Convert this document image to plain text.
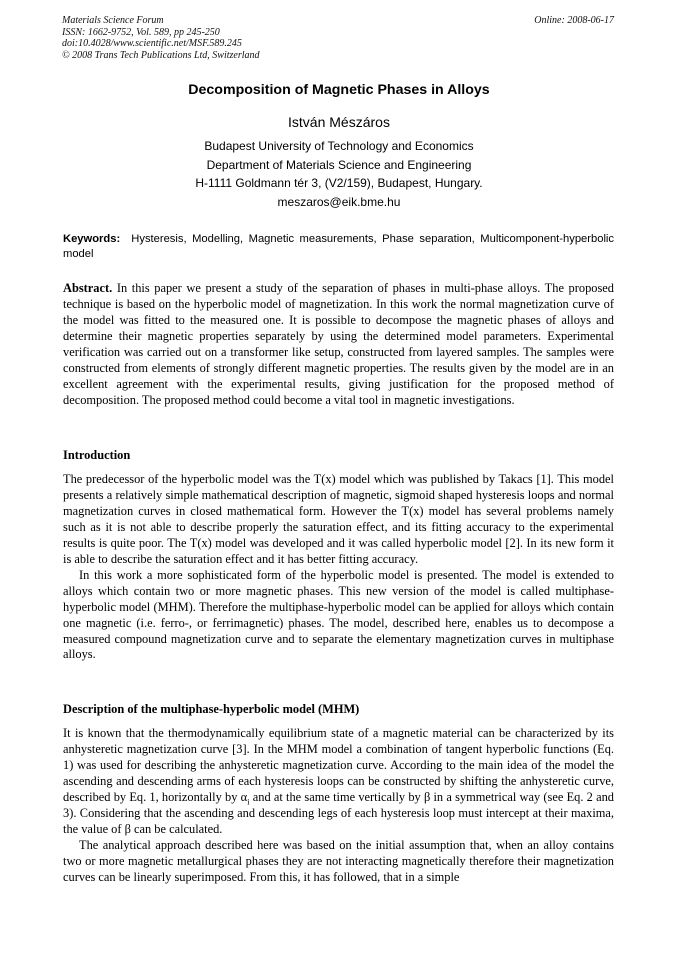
Materials Science Forum
ISSN: 1662-9752, Vol. 589, pp 245-250
doi:10.4028/www.scientific.net/MSF.589.245
© 2008 Trans Tech Publications Ltd, Switzerland
Online: 2008-06-17
Decomposition of Magnetic Phases in Alloys
István Mészáros
Budapest University of Technology and Economics
Department of Materials Science and Engineering
H-1111 Goldmann tér 3, (V2/159), Budapest, Hungary.
meszaros@eik.bme.hu
Keywords: Hysteresis, Modelling, Magnetic measurements, Phase separation, Multicomponent-hyperbolic model

Abstract. In this paper we present a study of the separation of phases in multi-phase alloys. The proposed technique is based on the hyperbolic model of magnetization. In this work the normal magnetization curve of the model was fitted to the measured one. It is possible to decompose the magnetic phases of alloys and determine their magnetic properties separately by using the determined model parameters. Experimental verification was carried out on a transformer like setup, constructed from layered samples. The samples were constructed from elements of strongly different magnetic properties. The results given by the model are in an excellent agreement with the experimental results, giving justification for the proposed method of decomposition. The proposed method could become a vital tool in magnetic investigations.

Introduction

The predecessor of the hyperbolic model was the T(x) model which was published by Takacs [1]. This model presents a relatively simple mathematical description of magnetic, sigmoid shaped hysteresis loops and normal magnetization curves in closed mathematical form. However the T(x) model has several problems namely such as it is not able to describe properly the saturation effect, and its fitting accuracy to the experimental results is quite poor. The T(x) model was developed and it was called hyperbolic model [2]. In its new form it is able to describe the saturation effect and it has better fitting accuracy.

In this work a more sophisticated form of the hyperbolic model is presented. The model is extended to alloys which contain two or more magnetic phases. This new version of the model is called multiphase-hyperbolic model (MHM). Therefore the multiphase-hyperbolic model can be applied for alloys which contain one magnetic (i.e. ferro-, or ferrimagnetic) phases. The model, described here, enables us to decompose a measured compound magnetization curve and to separate the elementary magnetization curves in multiphase alloys.

Description of the multiphase-hyperbolic model (MHM)

It is known that the thermodynamically equilibrium state of a magnetic material can be characterized by its anhysteretic magnetization curve [3]. In the MHM model a combination of tangent hyperbolic functions (Eq. 1) was used for describing the anhysteretic magnetization curve. According to the main idea of the model the ascending and descending arms of each hysteresis loops can be constructed by shifting the anhysteretic curve, described by Eq. 1, horizontally by $\alpha_i$ and at the same time vertically by β in a symmetrical way (see Eq. 2 and 3). Considering that the ascending and descending legs of each hysteresis loop must intercept at their maxima, the value of β can be calculated.

The analytical approach described here was based on the initial assumption that, when an alloy contains two or more magnetic metallurgical phases they are not interacting magnetically therefore their magnetization curves can be linearly superimposed. From this, it has followed, that in a simple
